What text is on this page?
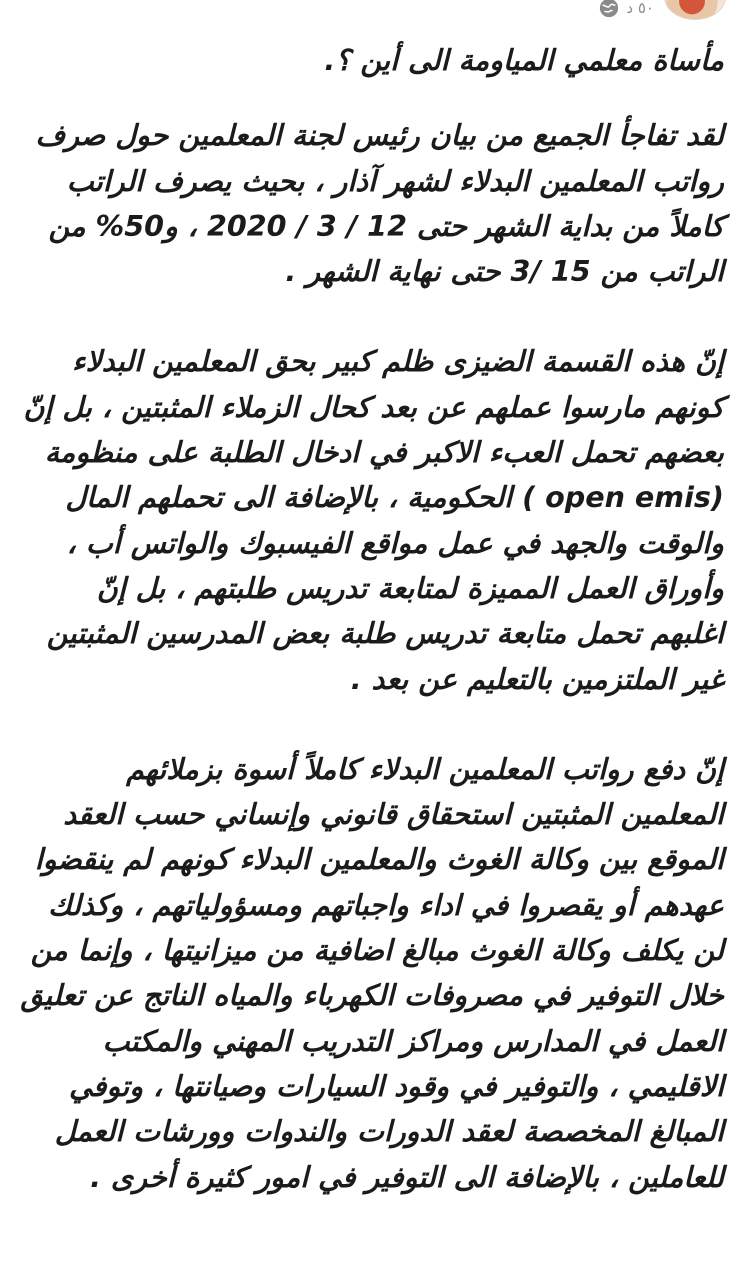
٥٠ د

مأساة معلمي المياومة الى أين ؟.

لقد تفاجأ الجميع من بيان رئيس لجنة المعلمين حول صرف رواتب المعلمين البدلاء لشهر آذار ، بحيث يصرف الراتب كاملاً من بداية الشهر حتى 12 / 3 / 2020 ، و50% من الراتب من 15 /3 حتى نهاية الشهر .

إنّ هذه القسمة الضيزى ظلم كبير بحق المعلمين البدلاء كونهم مارسوا عملهم عن بعد كحال الزملاء المثبتين ، بل إنّ بعضهم تحمل العبء الاكبر في ادخال الطلبة على منظومة (open emis ) الحكومية ، بالإضافة الى تحملهم المال والوقت والجهد في عمل مواقع الفيسبوك والواتس أب ، وأوراق العمل المميزة لمتابعة تدريس طلبتهم ، بل إنّ اغلبهم تحمل متابعة تدريس طلبة بعض المدرسين المثبتين غير الملتزمين بالتعليم عن بعد .

إنّ دفع رواتب المعلمين البدلاء كاملاً أسوة بزملائهم المعلمين المثبتين استحقاق قانوني وإنساني حسب العقد الموقع بين وكالة الغوث والمعلمين البدلاء كونهم لم ينقضوا عهدهم أو يقصروا في اداء واجباتهم ومسؤولياتهم ، وكذلك لن يكلف وكالة الغوث مبالغ اضافية من ميزانيتها ، وإنما من خلال التوفير في مصروفات الكهرباء والمياه الناتج عن تعليق العمل في المدارس ومراكز التدريب المهني والمكتب الاقليمي ، والتوفير في وقود السيارات وصيانتها ، وتوفي المبالغ المخصصة لعقد الدورات والندوات وورشات العمل للعاملين ، بالإضافة الى التوفير في امور كثيرة أخرى .
